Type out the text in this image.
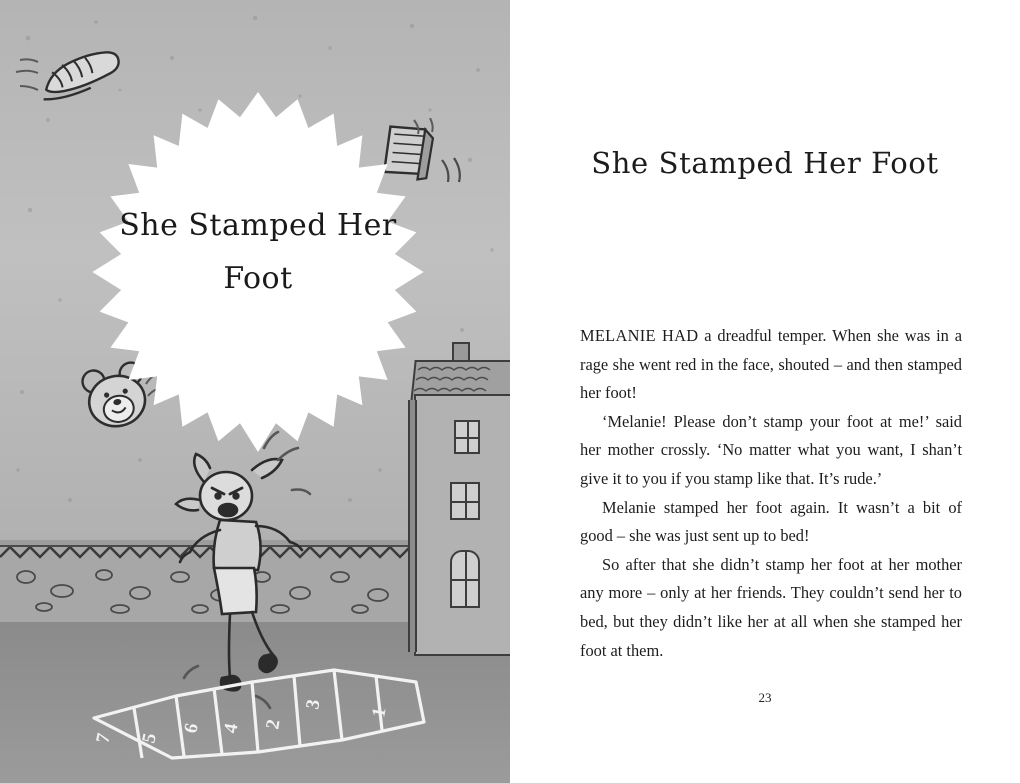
She Stamped Her
Foot
7 5
6 4 2
3
1
She Stamped Her Foot

MELANIE HAD a dreadful temper. When she was in a rage she went red in the face, shouted – and then stamped her foot!

‘Melanie! Please don’t stamp your foot at me!’ said her mother crossly. ‘No matter what you want, I shan’t give it to you if you stamp like that. It’s rude.’

Melanie stamped her foot again. It wasn’t a bit of good – she was just sent up to bed!

So after that she didn’t stamp her foot at her mother any more – only at her friends. They couldn’t send her to bed, but they didn’t like her at all when she stamped her foot at them.

23
